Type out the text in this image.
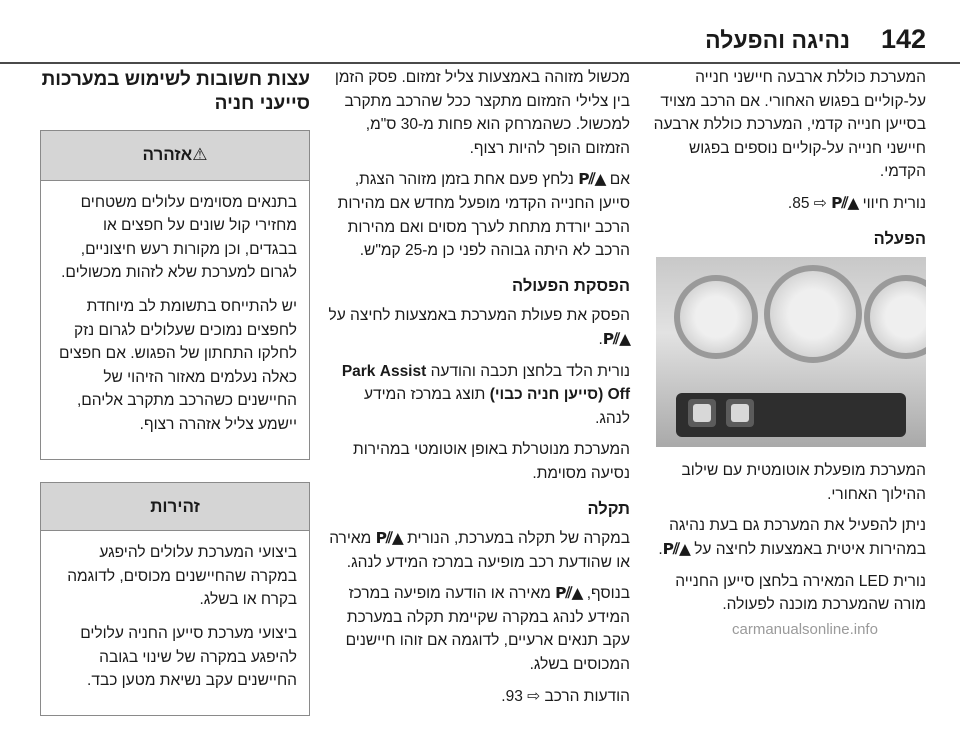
142
נהיגה והפעלה

המערכת כוללת ארבעה חיישני חנייה על-קוליים בפגוש האחורי. אם הרכב מצויד בסייען חנייה קדמי, המערכת כוללת ארבעה חיישני חנייה על-קוליים נוספים בפגוש הקדמי.

נורית חיווי P⫽▲ ⇨ 85.

הפעלה

המערכת מופעלת אוטומטית עם שילוב ההילוך האחורי.

ניתן להפעיל את המערכת גם בעת נהיגה במהירות איטית באמצעות לחיצה על P⫽▲.

נורית LED המאירה בלחצן סייען החנייה מורה שהמערכת מוכנה לפעולה.

מכשול מזוהה באמצעות צליל זמזום. פסק הזמן בין צלילי הזמזום מתקצר ככל שהרכב מתקרב למכשול. כשהמרחק הוא פחות מ-30 ס"מ, הזמזום הופך להיות רצוף.

אם P⫽▲ נלחץ פעם אחת בזמן מזוהר הצגת, סייען החנייה הקדמי מופעל מחדש אם מהירות הרכב יורדת מתחת לערך מסוים ואם מהירות הרכב לא היתה גבוהה לפני כן מ-25 קמ"ש.

הפסקת הפעולה

הפסק את פעולת המערכת באמצעות לחיצה על P⫽▲.

נורית הלד בלחצן תכבה והודעה Park Assist Off (סייען חניה כבוי) תוצג במרכז המידע לנהג.

המערכת מנוטרלת באופן אוטומטי במהירות נסיעה מסוימת.

תקלה

במקרה של תקלה במערכת, הנורית P⫽▲ מאירה או שהודעת רכב מופיעה במרכז המידע לנהג.

בנוסף, P⫽▲ מאירה או הודעה מופיעה במרכז המידע לנהג במקרה שקיימת תקלה במערכת עקב תנאים ארעיים, לדוגמה אם זוהו חיישנים המכוסים בשלג.

הודעות הרכב ⇨ 93.

עצות חשובות לשימוש במערכות סייעני חניה
⚠אזהרה

בתנאים מסוימים עלולים משטחים מחזירי קול שונים על חפצים או בבגדים, וכן מקורות רעש חיצוניים, לגרום למערכת שלא לזהות מכשולים.

יש להתייחס בתשומת לב מיוחדת לחפצים נמוכים שעלולים לגרום נזק לחלקו התחתון של הפגוש. אם חפצים כאלה נעלמים מאזור הזיהוי של החיישנים כשהרכב מתקרב אליהם, יישמע צליל אזהרה רצוף.

זהירות

ביצועי המערכת עלולים להיפגע במקרה שהחיישנים מכוסים, לדוגמה בקרח או בשלג.

ביצועי מערכת סייען החניה עלולים להיפגע במקרה של שינוי בגובה החיישנים עקב נשיאת מטען כבד.

carmanualsonline.info
